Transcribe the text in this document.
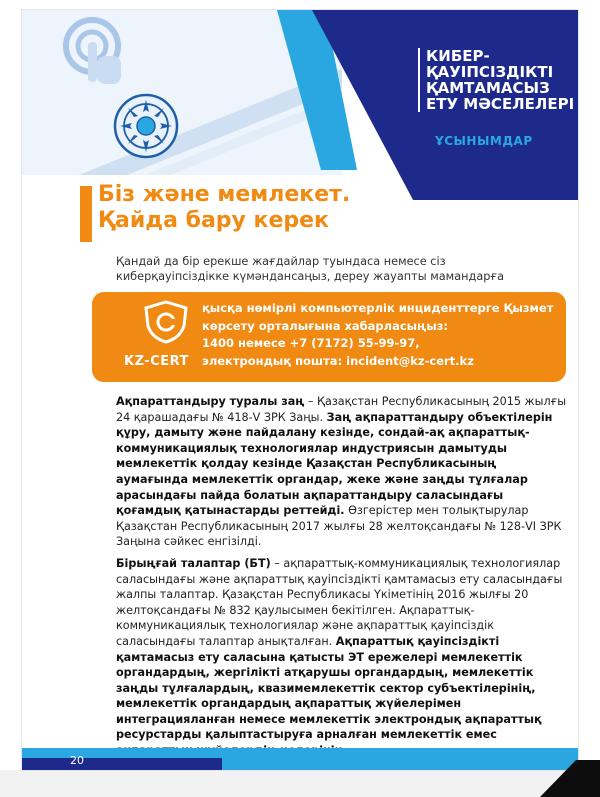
КИБЕР-
ҚАУІПСІЗДІКТІ
ҚАМТАМАСЫЗ
ЕТУ МӘСЕЛЕЛЕРІ
ҰСЫНЫМДАР
Біз және мемлекет.
Қайда бару керек
Қандай да бір ерекше жағдайлар туындаса немесе сіз киберқауіпсіздікке күмәндансаңыз, дереу жауапты мамандарға
KZ-CERT
қысқа нөмірлі компьютерлік инциденттерге Қызмет
көрсету орталығына хабарласыңыз:
1400 немесе +7 (7172) 55-99-97,
электрондық пошта: incident@kz-cert.kz

Ақпараттандыру туралы заң – Қазақстан Республикасының 2015 жылғы 24 қарашадағы № 418-V ЗРК Заңы. Заң ақпараттандыру объектілерін құру, дамыту және пайдалану кезінде, сондай-ақ ақпараттық-коммуникациялық технологиялар индустриясын дамытуды мемлекеттік қолдау кезінде Қазақстан Республикасының аумағында мемлекеттік органдар, жеке және заңды тұлғалар арасындағы пайда болатын ақпараттандыру саласындағы қоғамдық қатынастарды реттейді. Өзгерістер мен толықтырулар Қазақстан Республикасының 2017 жылғы 28 желтоқсандағы № 128-VI ЗРК Заңына сәйкес енгізілді.

Бірыңғай талаптар (БТ) – ақпараттық-коммуникациялық технологиялар саласындағы және ақпараттық қауіпсіздікті қамтамасыз ету саласындағы жалпы талаптар. Қазақстан Республикасы Үкіметінің 2016 жылғы 20 желтоқсандағы № 832 қаулысымен бекітілген. Ақпараттық-коммуникациялық технологиялар және ақпараттық қауіпсіздік саласындағы талаптар анықталған. Ақпараттық қауіпсіздікті қамтамасыз ету саласына қатысты ЭТ ережелері мемлекеттік органдардың, жергілікті атқарушы органдардың, мемлекеттік заңды тұлғалардың, квазимемлекеттік сектор субъектілерінің, мемлекеттік органдардың ақпараттық жүйелерімен интеграцияланған немесе мемлекеттік электрондық ақпараттық ресурстарды қалыптастыруға арналған мемлекеттік емес

20
